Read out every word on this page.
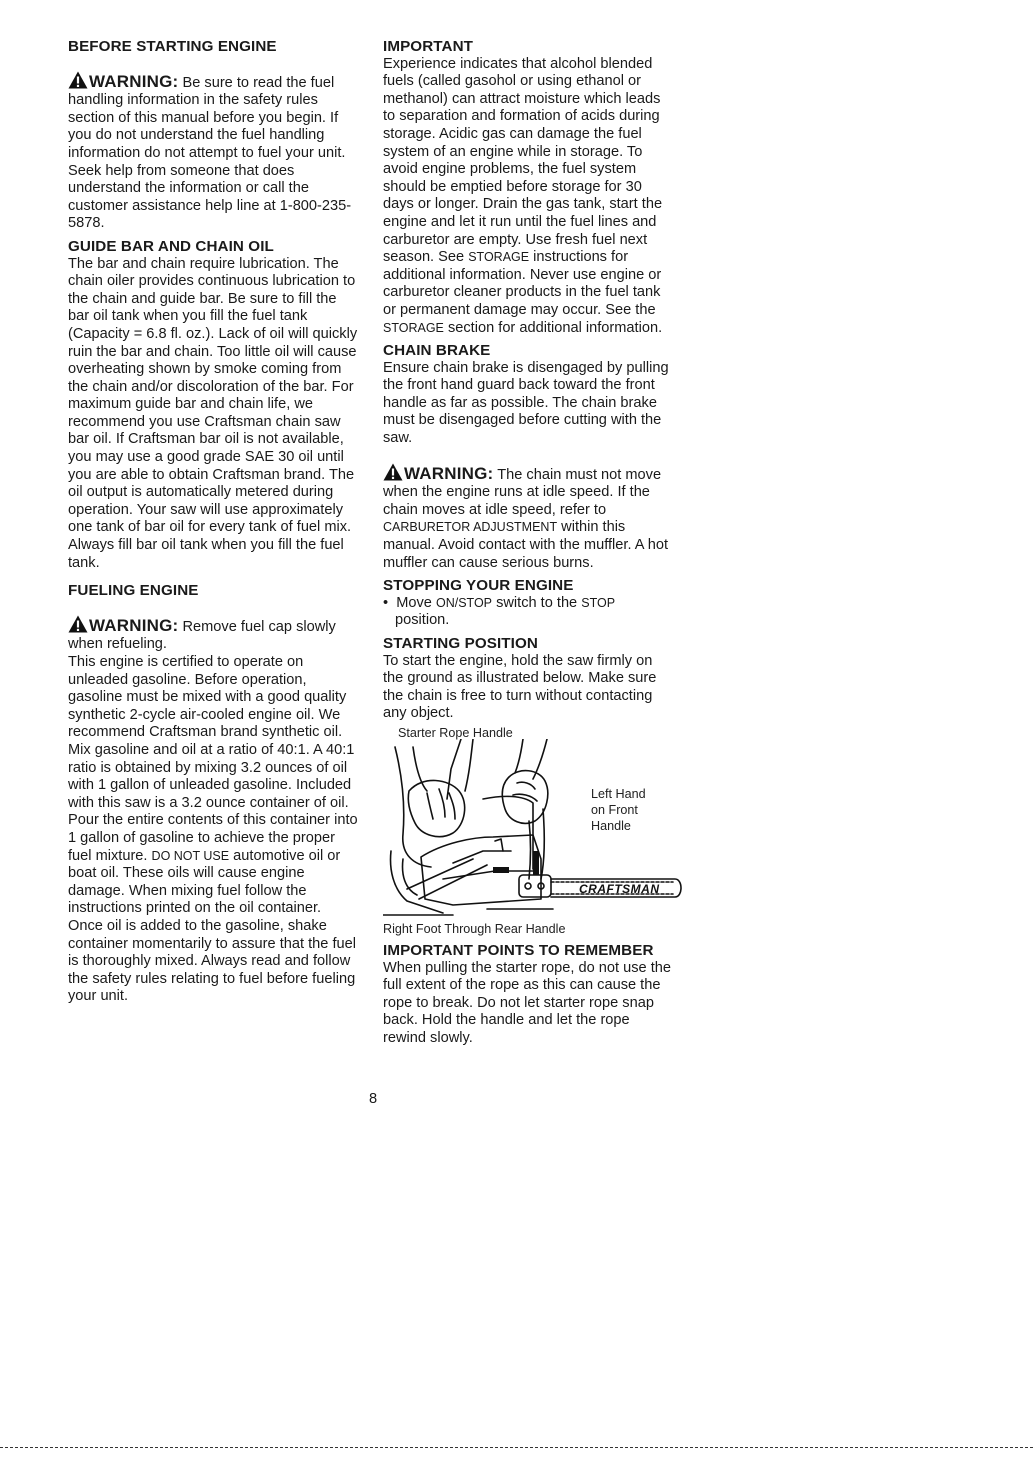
BEFORE STARTING ENGINE

WARNING: Be sure to read the fuel handling information in the safety rules section of this manual before you begin. If you do not understand the fuel handling information do not attempt to fuel your unit. Seek help from someone that does understand the information or call the customer assistance help line at 1-800-235-5878.

GUIDE BAR AND CHAIN OIL

The bar and chain require lubrication. The chain oiler provides continuous lubrication to the chain and guide bar. Be sure to fill the bar oil tank when you fill the fuel tank (Capacity = 6.8 fl. oz.). Lack of oil will quickly ruin the bar and chain. Too little oil will cause overheating shown by smoke coming from the chain and/or discoloration of the bar. For maximum guide bar and chain life, we recommend you use Craftsman chain saw bar oil. If Craftsman bar oil is not available, you may use a good grade SAE 30 oil until you are able to obtain Craftsman brand. The oil output is automatically metered during operation. Your saw will use approximately one tank of bar oil for every tank of fuel mix. Always fill bar oil tank when you fill the fuel tank.

FUELING ENGINE

WARNING: Remove fuel cap slowly when refueling.

This engine is certified to operate on unleaded gasoline. Before operation, gasoline must be mixed with a good quality synthetic 2-cycle air-cooled engine oil. We recommend Craftsman brand synthetic oil. Mix gasoline and oil at a ratio of 40:1. A 40:1 ratio is obtained by mixing 3.2 ounces of oil with 1 gallon of unleaded gasoline. Included with this saw is a 3.2 ounce container of oil. Pour the entire contents of this container into 1 gallon of gasoline to achieve the proper fuel mixture. DO NOT USE automotive oil or boat oil. These oils will cause engine damage. When mixing fuel follow the instructions printed on the oil container. Once oil is added to the gasoline, shake container momentarily to assure that the fuel is thoroughly mixed. Always read and follow the safety rules relating to fuel before fueling your unit.

IMPORTANT

Experience indicates that alcohol blended fuels (called gasohol or using ethanol or methanol) can attract moisture which leads to separation and formation of acids during storage. Acidic gas can damage the fuel system of an engine while in storage. To avoid engine problems, the fuel system should be emptied before storage for 30 days or longer. Drain the gas tank, start the engine and let it run until the fuel lines and carburetor are empty. Use fresh fuel next season. See STORAGE instructions for additional information. Never use engine or carburetor cleaner products in the fuel tank or permanent damage may occur. See the STORAGE section for additional information.

CHAIN BRAKE

Ensure chain brake is disengaged by pulling the front hand guard back toward the front handle as far as possible. The chain brake must be disengaged before cutting with the saw.

WARNING: The chain must not move when the engine runs at idle speed. If the chain moves at idle speed, refer to CARBURETOR ADJUSTMENT within this manual. Avoid contact with the muffler. A hot muffler can cause serious burns.

STOPPING YOUR ENGINE

•  Move ON/STOP switch to the STOP position.

STARTING POSITION

To start the engine, hold the saw firmly on the ground as illustrated below. Make sure the chain is free to turn without contacting any object.

Starter Rope Handle
Left Hand
on Front
Handle
CRAFTSMAN
Right Foot Through Rear Handle
IMPORTANT POINTS TO REMEMBER

When pulling the starter rope, do not use the full extent of the rope as this can cause the rope to break. Do not let starter rope snap back. Hold the handle and let the rope rewind slowly.

8
